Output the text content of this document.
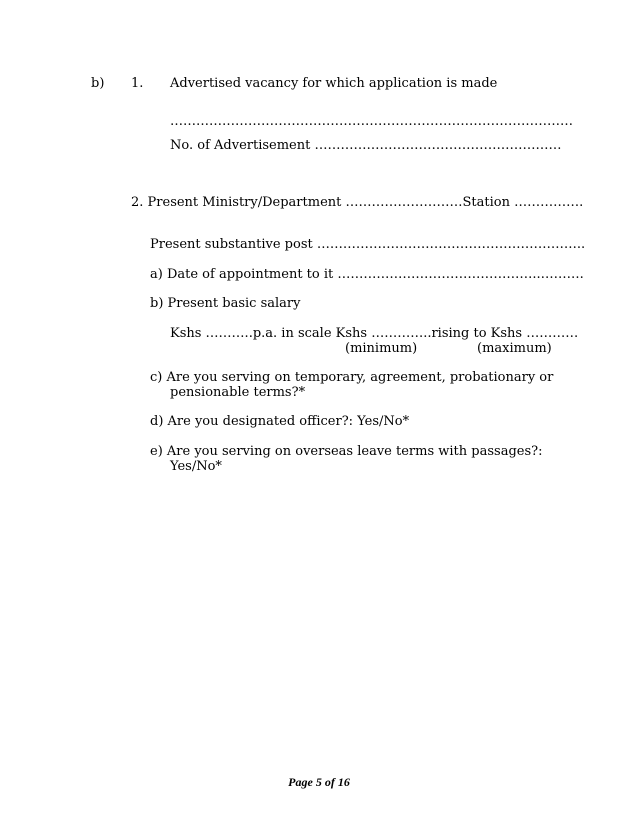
b) 1. Advertised vacancy for which application is made
…………………………………………………………………………………
No. of Advertisement …………………………………………………
2. Present Ministry/Department ………………………Station …………….
Present substantive post ……………………………………………………..
a) Date of appointment to it ………………………………………..……….
b) Present basic salary
Kshs ………..p.a. in scale Kshs …………..rising to Kshs …………
(minimum)	(maximum)
c) Are you serving on temporary, agreement, probationary or
pensionable terms?*
d) Are you designated officer?: Yes/No*
e) Are you serving on overseas leave terms with passages?:
Yes/No*
Page 5 of 16
